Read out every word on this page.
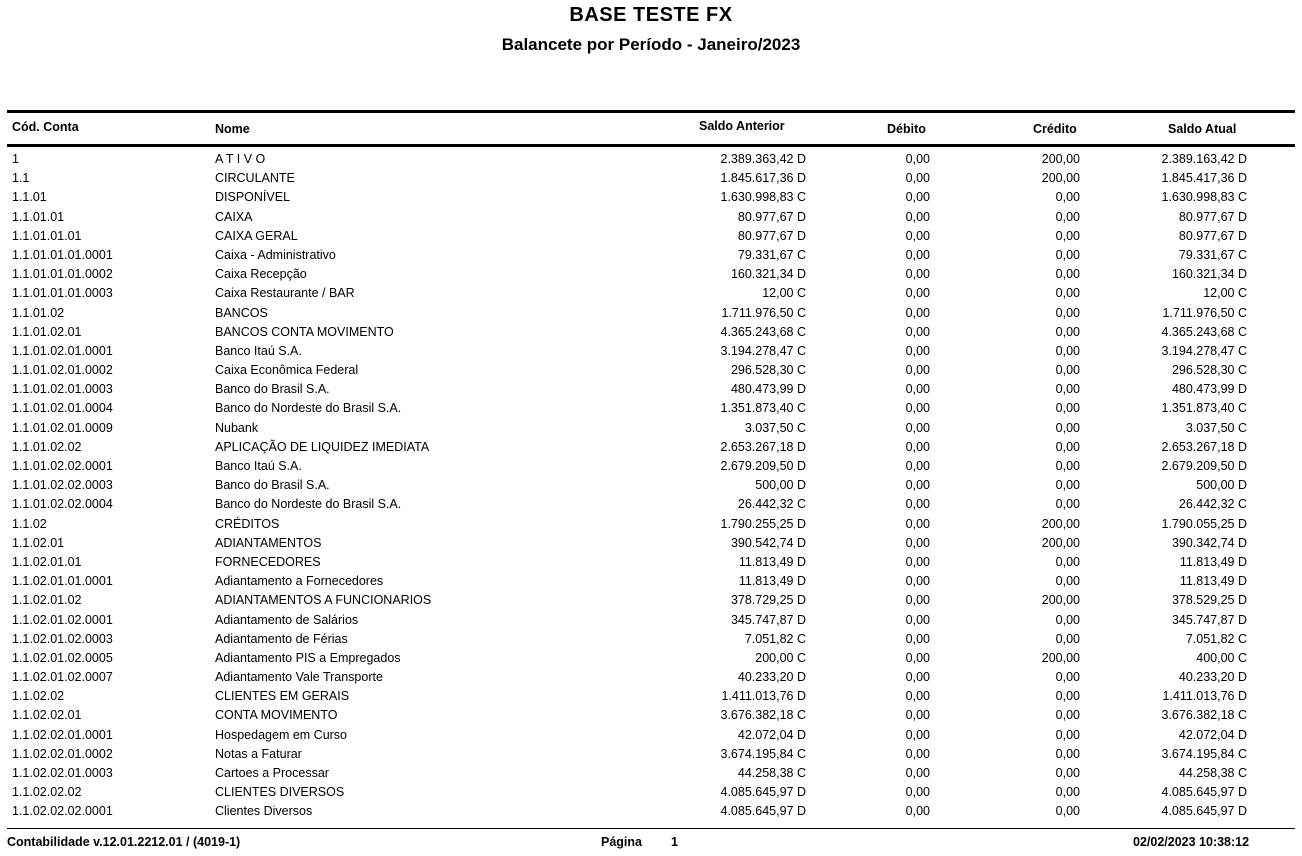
BASE TESTE FX
Balancete por Período - Janeiro/2023
Cód. Conta	Nome	Saldo Anterior	Débito	Crédito	Saldo Atual
1	A T I V O	2.389.363,42 D	0,00	200,00	2.389.163,42 D
1.1	CIRCULANTE	1.845.617,36 D	0,00	200,00	1.845.417,36 D
1.1.01	DISPONÍVEL	1.630.998,83 C	0,00	0,00	1.630.998,83 C
1.1.01.01	CAIXA	80.977,67 D	0,00	0,00	80.977,67 D
1.1.01.01.01	CAIXA GERAL	80.977,67 D	0,00	0,00	80.977,67 D
1.1.01.01.01.0001	Caixa - Administrativo	79.331,67 C	0,00	0,00	79.331,67 C
1.1.01.01.01.0002	Caixa Recepção	160.321,34 D	0,00	0,00	160.321,34 D
1.1.01.01.01.0003	Caixa Restaurante / BAR	12,00 C	0,00	0,00	12,00 C
1.1.01.02	BANCOS	1.711.976,50 C	0,00	0,00	1.711.976,50 C
1.1.01.02.01	BANCOS CONTA MOVIMENTO	4.365.243,68 C	0,00	0,00	4.365.243,68 C
1.1.01.02.01.0001	Banco Itaú S.A.	3.194.278,47 C	0,00	0,00	3.194.278,47 C
1.1.01.02.01.0002	Caixa Econômica Federal	296.528,30 C	0,00	0,00	296.528,30 C
1.1.01.02.01.0003	Banco do Brasil S.A.	480.473,99 D	0,00	0,00	480.473,99 D
1.1.01.02.01.0004	Banco do Nordeste do Brasil S.A.	1.351.873,40 C	0,00	0,00	1.351.873,40 C
1.1.01.02.01.0009	Nubank	3.037,50 C	0,00	0,00	3.037,50 C
1.1.01.02.02	APLICAÇÃO DE LIQUIDEZ IMEDIATA	2.653.267,18 D	0,00	0,00	2.653.267,18 D
1.1.01.02.02.0001	Banco Itaú S.A.	2.679.209,50 D	0,00	0,00	2.679.209,50 D
1.1.01.02.02.0003	Banco do Brasil S.A.	500,00 D	0,00	0,00	500,00 D
1.1.01.02.02.0004	Banco do Nordeste do Brasil S.A.	26.442,32 C	0,00	0,00	26.442,32 C
1.1.02	CRÉDITOS	1.790.255,25 D	0,00	200,00	1.790.055,25 D
1.1.02.01	ADIANTAMENTOS	390.542,74 D	0,00	200,00	390.342,74 D
1.1.02.01.01	FORNECEDORES	11.813,49 D	0,00	0,00	11.813,49 D
1.1.02.01.01.0001	Adiantamento a Fornecedores	11.813,49 D	0,00	0,00	11.813,49 D
1.1.02.01.02	ADIANTAMENTOS A FUNCIONARIOS	378.729,25 D	0,00	200,00	378.529,25 D
1.1.02.01.02.0001	Adiantamento de Salários	345.747,87 D	0,00	0,00	345.747,87 D
1.1.02.01.02.0003	Adiantamento de Férias	7.051,82 C	0,00	0,00	7.051,82 C
1.1.02.01.02.0005	Adiantamento PIS a Empregados	200,00 C	0,00	200,00	400,00 C
1.1.02.01.02.0007	Adiantamento Vale Transporte	40.233,20 D	0,00	0,00	40.233,20 D
1.1.02.02	CLIENTES EM GERAIS	1.411.013,76 D	0,00	0,00	1.411.013,76 D
1.1.02.02.01	CONTA MOVIMENTO	3.676.382,18 C	0,00	0,00	3.676.382,18 C
1.1.02.02.01.0001	Hospedagem em Curso	42.072,04 D	0,00	0,00	42.072,04 D
1.1.02.02.01.0002	Notas a Faturar	3.674.195,84 C	0,00	0,00	3.674.195,84 C
1.1.02.02.01.0003	Cartoes a Processar	44.258,38 C	0,00	0,00	44.258,38 C
1.1.02.02.02	CLIENTES DIVERSOS	4.085.645,97 D	0,00	0,00	4.085.645,97 D
1.1.02.02.02.0001	Clientes Diversos	4.085.645,97 D	0,00	0,00	4.085.645,97 D
Contabilidade v.12.01.2212.01 / (4019-1)	Página 1	02/02/2023 10:38:12
